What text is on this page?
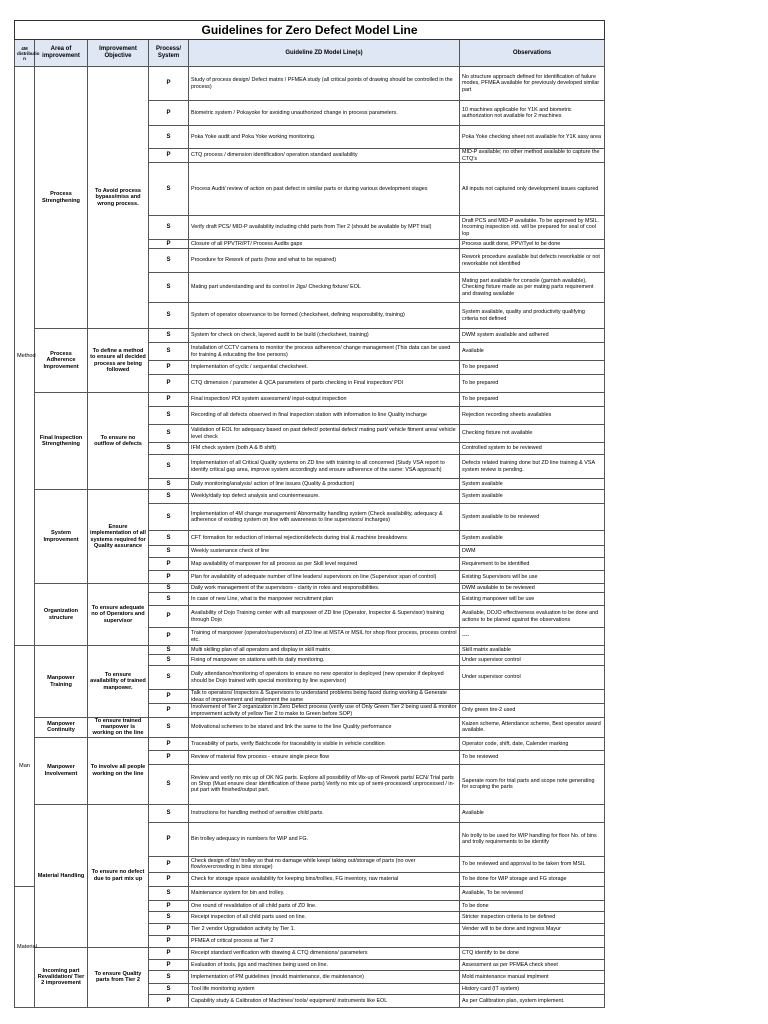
Guidelines for Zero Defect Model Line					
4M distributio n	Area of improvement	Improvement Objective	Process/ System	Guideline ZD Model Line(s)	Observations
Method	Process Strengthening	To Avoid process bypass/miss and wrong process.	P	Study of process design/ Defect matrix / PFMEA study (all critical points of drawing should be controlled in the process)	No structure approach defined for identification of failure modes, PFMEA available for previously developed similar part
			P	Biometric system / Pokayoke for avoiding unauthorized change in process parameters.	10 machines applicable for Y1K and biometric authorization not available for 2 machines
			S	Poka Yoke audit and Poka Yoke working monitoring.	Poka Yoke checking sheet not available for Y1K assy area
			P	CTQ process / dimension identification/ operation standard availability	MID-P available; no other method available to capture the CTQ's
			S	Process Audit/ review of action on past defect in similar parts or during various development stages	All inputs not captured only development issues captured
			S	Verify draft PCS/ MID-P availability including child parts from Tier 2 (should be available by MPT trial)	Draft PCS and MID-P available. To be approved by MSIL. Incoming inspection std. will be prepared for seal of cool lop
			P	Closure of all PPVTR/PT/ Process Audits gaps	Process audit done, PPV/Tyel to be done
			S	Procedure for Rework of parts (how and what to be repaired)	Rework procedure available but defects reworkable or not reworkable not identified
			S	Mating part understanding and its control in Jigs/ Checking fixture/ EOL	Mating part available for console (garnish available), Checking fixture made as per mating parts requirement and drawing available
			S	System of operator observance to be formed (checksheet, defining responsibility, training)	System available, quality and productivity qualifying criteria not defined
	Process Adherence Improvement	To define a method to ensure all decided process are being followed	S	System for check on check, layered audit to be build (checksheet, training)	DWM system available and adhered
			S	Installation of CCTV camera to monitor the process adherence/ change management (This data can be used for training & educating the line persons)	Available
			P	Implementation of cyclic / sequential checksheet.	To be prepared
			P	CTQ dimension / parameter & QCA parameters of parts checking in Final inspection/ PDI	To be prepared
	Final Inspection Strengthening	To ensure no outflow of defects	P	Final inspection/ PDI system assessment/ input-output inspection	To be prepared
			S	Recording of all defects observed in final inspection station with information to line Quality incharge	Rejection recording sheets availables
			S	Validation of EOL for adequacy based on past defect/ potential defect/ mating part/ vehicle fitment area/ vehicle level check	Checking fixture not available
			S	IFM check system (both A & B shift)	Controlled system to be reviewed
			S	Implementation of all Critical Quality systems on ZD line with training to all concerned (Study VSA report to identify critical gap area, improve system accordingly and ensure adherence of the same: VSA approach)	Defects related training done but ZD line training & VSA system review is pending.
			S	Daily monitoring/analysis/ action of line issues (Quality & production)	System available
	System Improvement	Ensure implementation of all systems required for Quality assurance	S	Weekly/daily top defect analysis and countermeasure.	System available
			S	Implementation of 4M change management/ Abnormality handling system (Check availability, adequacy & adherence of existing system on line with awareness to line supervisors/ incharges)	System available to be reviewed
			S	CFT formation for reduction of internal rejection/defects during trial & machine breakdowns	System available
			S	Weekly sustenance check of line	DWM
			P	Map availability of manpower for all process as per Skill level required	Requirement to be identified
			P	Plan for availability of adequate number of line leaders/ supervisors on line (Supervisor span of control)	Existing Supervisors will be use
	Organization structure	To ensure adequate no of Operators and supervisor	S	Daily work management of the supervisors - clarity in roles and responsibilities.	DWM available to be reviewed
			S	In case of new Line, what is the manpower recruitment plan	Existing manpower will be use
			P	Availability of Dojo Training center with all manpower of ZD line (Operator, Inspector & Supervisor) training through Dojo	Available, DOJO effectiveness evaluation to be done and actions to be planed against the observations
			P	Training of manpower (operator/supervisors) of ZD line at MSTA or MSIL for shop floor process, process control etc.	----
Man	Manpower Training	To ensure availability of trained manpower.	S	Multi skilling plan of all operators and display in skill matrix	Skill matrix available
			S	Fixing of manpower on stations with its daily monitoring.	Under supervisor control
			S	Daily attendance/monitoring of operators to ensure no new operator is deployed (new operator if deployed should be Dojo trained with special monitoring by line supervisor)	Under supervisor control
			P	Talk to operators/ Inspectors & Supervisors to understand problems being faced during working & Generate ideas of improvement and implement the same	
			P	Involvement of Tier 2 organization in Zero Defect process (verify use of Only Green Tier 2 being used & monitor improvement activity of yellow Tier 2 to make to Green before SOP)	Only green tire-2 used
	Manpower Continuity	To ensure trained manpower is working on the line	S	Motivational schemes to be stared and link the same to the line Quality performance	Kaizen scheme, Attendance scheme, Best operator award available.
	Manpower Involvement	To involve all people working on the line	P	Traceability of parts, verify Batchcode for traceability is visible in vehicle condition	Operator code, shift, date, Calender marking
			P	Review of material flow process - ensure single piece flow	To be reviewed
			S	Review and verify no mix up of OK NG parts. Explore all possibility of Mix-up of Rework parts/ ECN/ Trial parts on Shop (Must ensure clear identification of these parts) Verify no mix up of semi-processed/ unprocessed / in-put part with finished/output part.	Saperate room for trial parts and scope note generating for scraping the parts
	Material Handling	To ensure no defect due to part mix up	S	Instructions for handling method of sensitive child parts.	Available
			P	Bin trolley adequacy in numbers for WIP and FG.	No trolly to be used for WIP handling for floor No. of bins and trolly requirements to be identify
			P	Check design of bin/ trolley so that no damage while keep/ taking out/storage of parts (no over flow/overcrowding in bins storage)	To be reviewed and approval to be taken from MSIL
			P	Check for storage space availability for keeping bins/trollies, FG inventory, raw material	To be done for WIP storage and FG storage
Material			S	Maintenance system for bin and trolley.	Available, To be reviewed
			P	One round of revalidation of all child parts of ZD line.	To be done
			S	Receipt inspection of all child parts used on line.	Stricter inspection criteria to be defined
			P	Tier 2 vendor Upgradation activity by Tier 1.	Vender will to be done and ingress Mayur
			P	PFMEA of critical process at Tier 2	
	Incoming part Revalidation/ Tier 2 improvement	To ensure Quality parts from Tier 2	P	Receipt standard verification with drawing & CTQ dimensions/ parameters	CTQ identify to be done
			P	Evaluation of tools, jigs and machines being used on line.	Assessment as per PFMEA check sheet
			S	Implementation of PM guidelines (mould maintenance, die maintenance)	Mold maintenance manual implment
			S	Tool life monitoring system	History card (IT system)
			P	Capability study & Calibration of Machines/ tools/ equipment/ instruments like EOL	As per Calibration plan, system implement.
